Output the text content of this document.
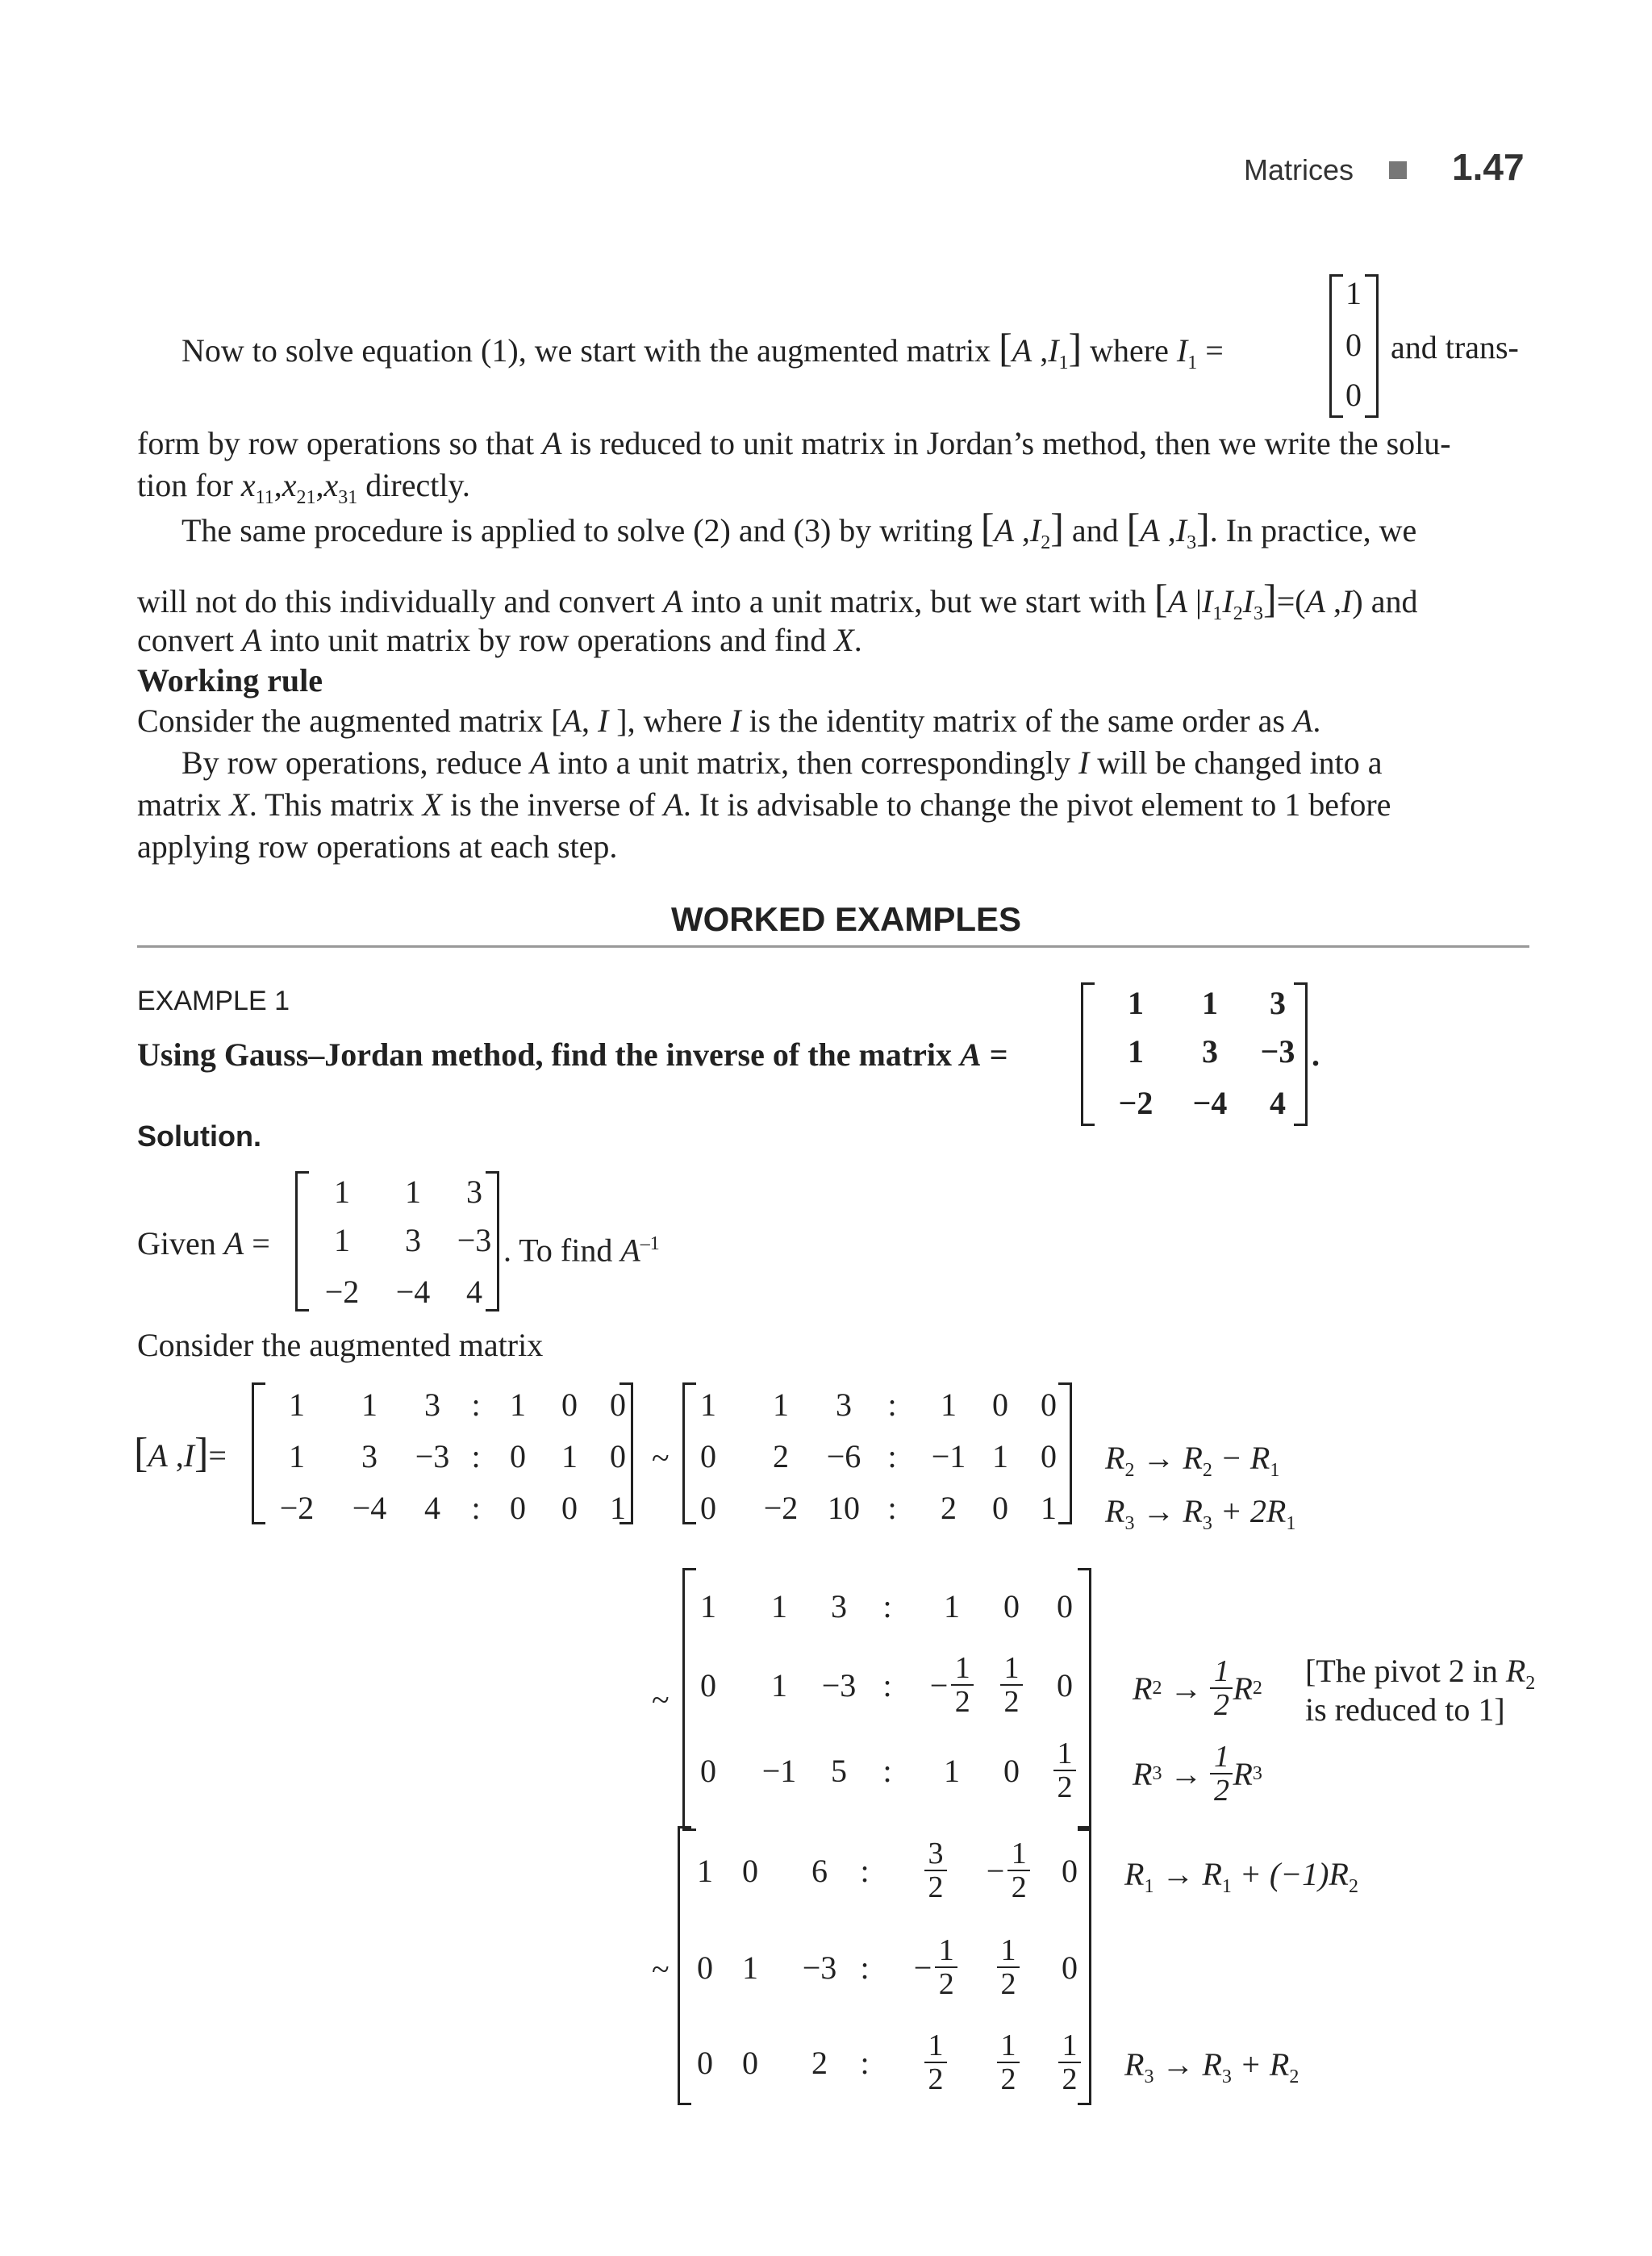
Matrices	1.47
Now to solve equation (1), we start with the augmented matrix [A $,I_1$] where $I_1$ =
1
0
0
and trans-
form by row operations so that A is reduced to unit matrix in Jordan’s method, then we write the solu-
tion for $x_{11},x_{21},x_{31}$ directly.
The same procedure is applied to solve (2) and (3) by writing [A $,I_2$] and [A $,I_3$]. In practice, we
will not do this individually and convert A into a unit matrix, but we start with [A $|I_1I_2I_3]=(A$ ,I) and
convert A into unit matrix by row operations and find X.
Working rule
Consider the augmented matrix [A, I ], where I is the identity matrix of the same order as A.
By row operations, reduce A into a unit matrix, then correspondingly I will be changed into a
matrix X. This matrix X is the inverse of A. It is advisable to change the pivot element to 1 before
applying row operations at each step.
WORKED EXAMPLES
EXAMPLE 1
Using Gauss–Jordan method, find the inverse of the matrix A =	.
1	1	3
1	3	−3
−2	−4	4
Solution.
Given A =	. To find $A^{-1}$
1	1	3
1	3	−3
−2	−4	4
Consider the augmented matrix
[A ,I]=	~
1	1	3 : 1	0	0
1	3	−3 : 0	1	0
−2	−4	4 : 0	0	1
1	1	3	:	1	0	0
0	2	−6 :	−1 1	0
0	−2 10 :	2	0	1
$R_2 \to R_2 - R_1$
$R_3 \to R_3 + 2R_1$
~
1 1 3 : 1 0 0
0 1 −3 : − $\frac{1}{2} \frac{1}{2} 0$
0 −1 5 : 1 $0 \frac{1}{2}$
R $2 \to \frac{1}{2}$ R 2 [The pivot 2 in $R_2$
is reduced to 1]
R $3 \to \frac{1}{2}$ R 3
~
1 0 6 : $\frac{3}{2} - \frac{1}{2} 0$
0 1 −3 : − $\frac{1}{2} \frac{1}{2} 0$
0 0 2 : $\frac{1}{2} \frac{1}{2} \frac{1}{2}$
$R_1 \to R_1 + (-1)R_2$
$R_3 \to R_3 + R_2$
